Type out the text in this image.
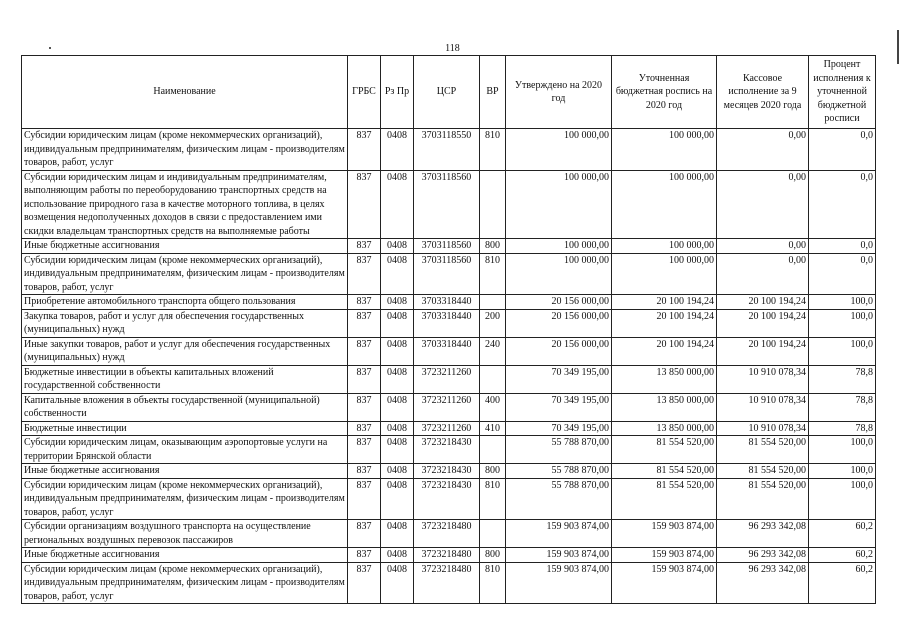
118
Наименование	ГРБС	Рз Пр	ЦСР	ВР	Утверждено на 2020 год	Уточненная бюджетная роспись на 2020 год	Кассовое исполнение за 9 месяцев 2020 года	Процент исполнения к уточненной бюджетной росписи
Субсидии юридическим лицам (кроме некоммерческих организаций), индивидуальным предпринимателям, физическим лицам - производителям товаров, работ, услуг	837	0408	3703118550	810	100 000,00	100 000,00	0,00	0,0
Субсидии юридическим лицам и индивидуальным предпринимателям, выполняющим работы по переоборудованию транспортных средств на использование природного газа в качестве моторного топлива, в целях возмещения недополученных доходов в связи с предоставлением ими скидки владельцам транспортных средств на выполняемые работы	837	0408	3703118560		100 000,00	100 000,00	0,00	0,0
Иные бюджетные ассигнования	837	0408	3703118560	800	100 000,00	100 000,00	0,00	0,0
Субсидии юридическим лицам (кроме некоммерческих организаций), индивидуальным предпринимателям, физическим лицам - производителям товаров, работ, услуг	837	0408	3703118560	810	100 000,00	100 000,00	0,00	0,0
Приобретение автомобильного транспорта общего пользования	837	0408	3703318440		20 156 000,00	20 100 194,24	20 100 194,24	100,0
Закупка товаров, работ и услуг для обеспечения государственных (муниципальных) нужд	837	0408	3703318440	200	20 156 000,00	20 100 194,24	20 100 194,24	100,0
Иные закупки товаров, работ и услуг для обеспечения государственных (муниципальных) нужд	837	0408	3703318440	240	20 156 000,00	20 100 194,24	20 100 194,24	100,0
Бюджетные инвестиции в объекты капитальных вложений государственной собственности	837	0408	3723211260		70 349 195,00	13 850 000,00	10 910 078,34	78,8
Капитальные вложения в объекты государственной (муниципальной) собственности	837	0408	3723211260	400	70 349 195,00	13 850 000,00	10 910 078,34	78,8
Бюджетные инвестиции	837	0408	3723211260	410	70 349 195,00	13 850 000,00	10 910 078,34	78,8
Субсидии юридическим лицам, оказывающим аэропортовые услуги на территории Брянской области	837	0408	3723218430		55 788 870,00	81 554 520,00	81 554 520,00	100,0
Иные бюджетные ассигнования	837	0408	3723218430	800	55 788 870,00	81 554 520,00	81 554 520,00	100,0
Субсидии юридическим лицам (кроме некоммерческих организаций), индивидуальным предпринимателям, физическим лицам - производителям товаров, работ, услуг	837	0408	3723218430	810	55 788 870,00	81 554 520,00	81 554 520,00	100,0
Субсидии организациям воздушного транспорта на осуществление региональных воздушных перевозок пассажиров	837	0408	3723218480		159 903 874,00	159 903 874,00	96 293 342,08	60,2
Иные бюджетные ассигнования	837	0408	3723218480	800	159 903 874,00	159 903 874,00	96 293 342,08	60,2
Субсидии юридическим лицам (кроме некоммерческих организаций), индивидуальным предпринимателям, физическим лицам - производителям товаров, работ, услуг	837	0408	3723218480	810	159 903 874,00	159 903 874,00	96 293 342,08	60,2
